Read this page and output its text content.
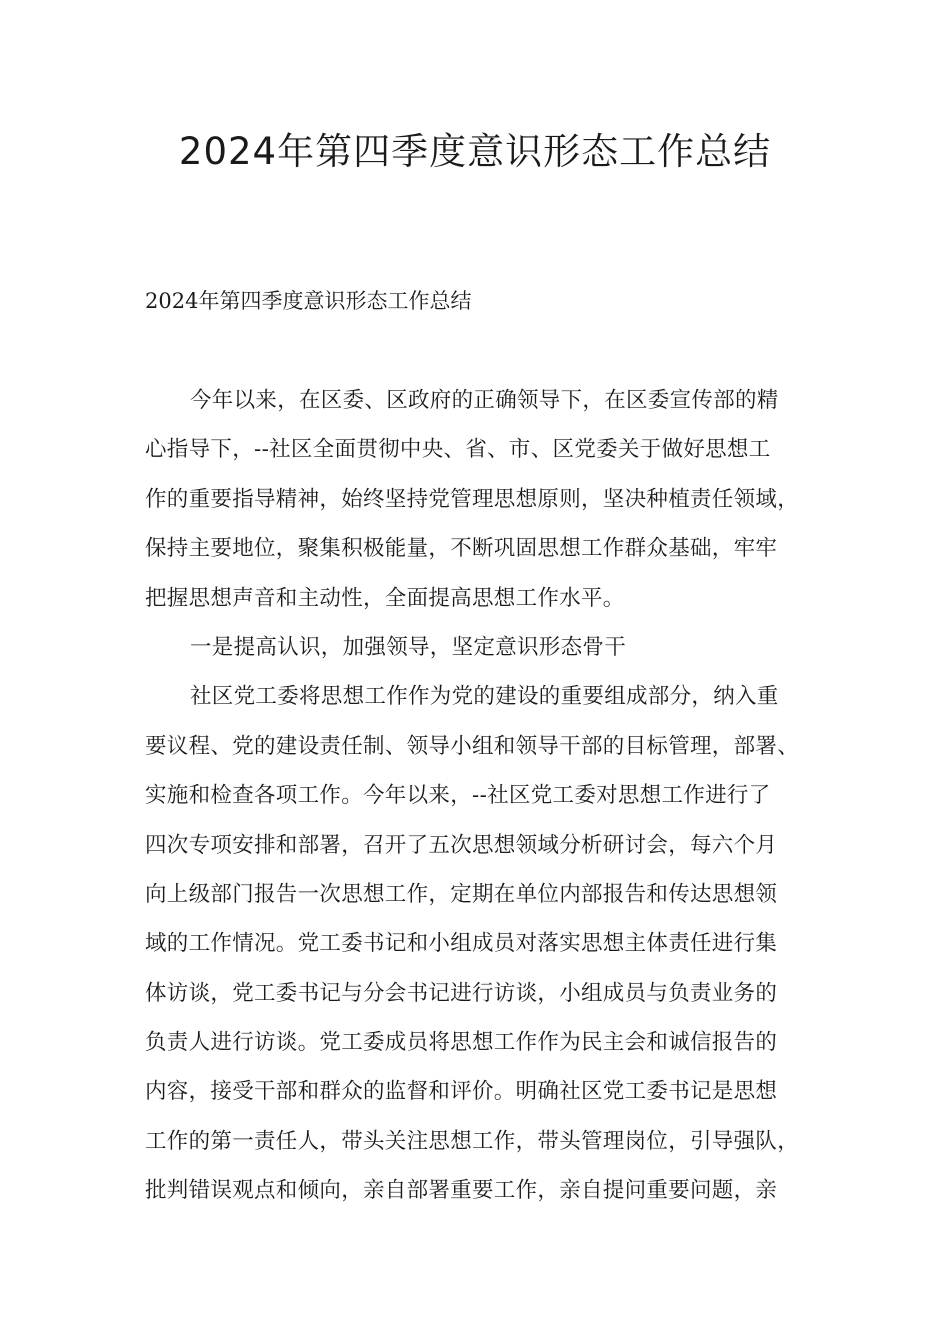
2024年第四季度意识形态工作总结

2024年第四季度意识形态工作总结

今年以来，在区委、区政府的正确领导下，在区委宣传部的精
心指导下，--社区全面贯彻中央、省、市、区党委关于做好思想工
作的重要指导精神，始终坚持党管理思想原则，坚决种植责任领域，
保持主要地位，聚集积极能量，不断巩固思想工作群众基础，牢牢
把握思想声音和主动性，全面提高思想工作水平。
一是提高认识，加强领导，坚定意识形态骨干
社区党工委将思想工作作为党的建设的重要组成部分，纳入重
要议程、党的建设责任制、领导小组和领导干部的目标管理，部署、
实施和检查各项工作。今年以来，--社区党工委对思想工作进行了
四次专项安排和部署，召开了五次思想领域分析研讨会，每六个月
向上级部门报告一次思想工作，定期在单位内部报告和传达思想领
域的工作情况。党工委书记和小组成员对落实思想主体责任进行集
体访谈，党工委书记与分会书记进行访谈，小组成员与负责业务的
负责人进行访谈。党工委成员将思想工作作为民主会和诚信报告的
内容，接受干部和群众的监督和评价。明确社区党工委书记是思想
工作的第一责任人，带头关注思想工作，带头管理岗位，引导强队，
批判错误观点和倾向，亲自部署重要工作，亲自提问重要问题，亲
